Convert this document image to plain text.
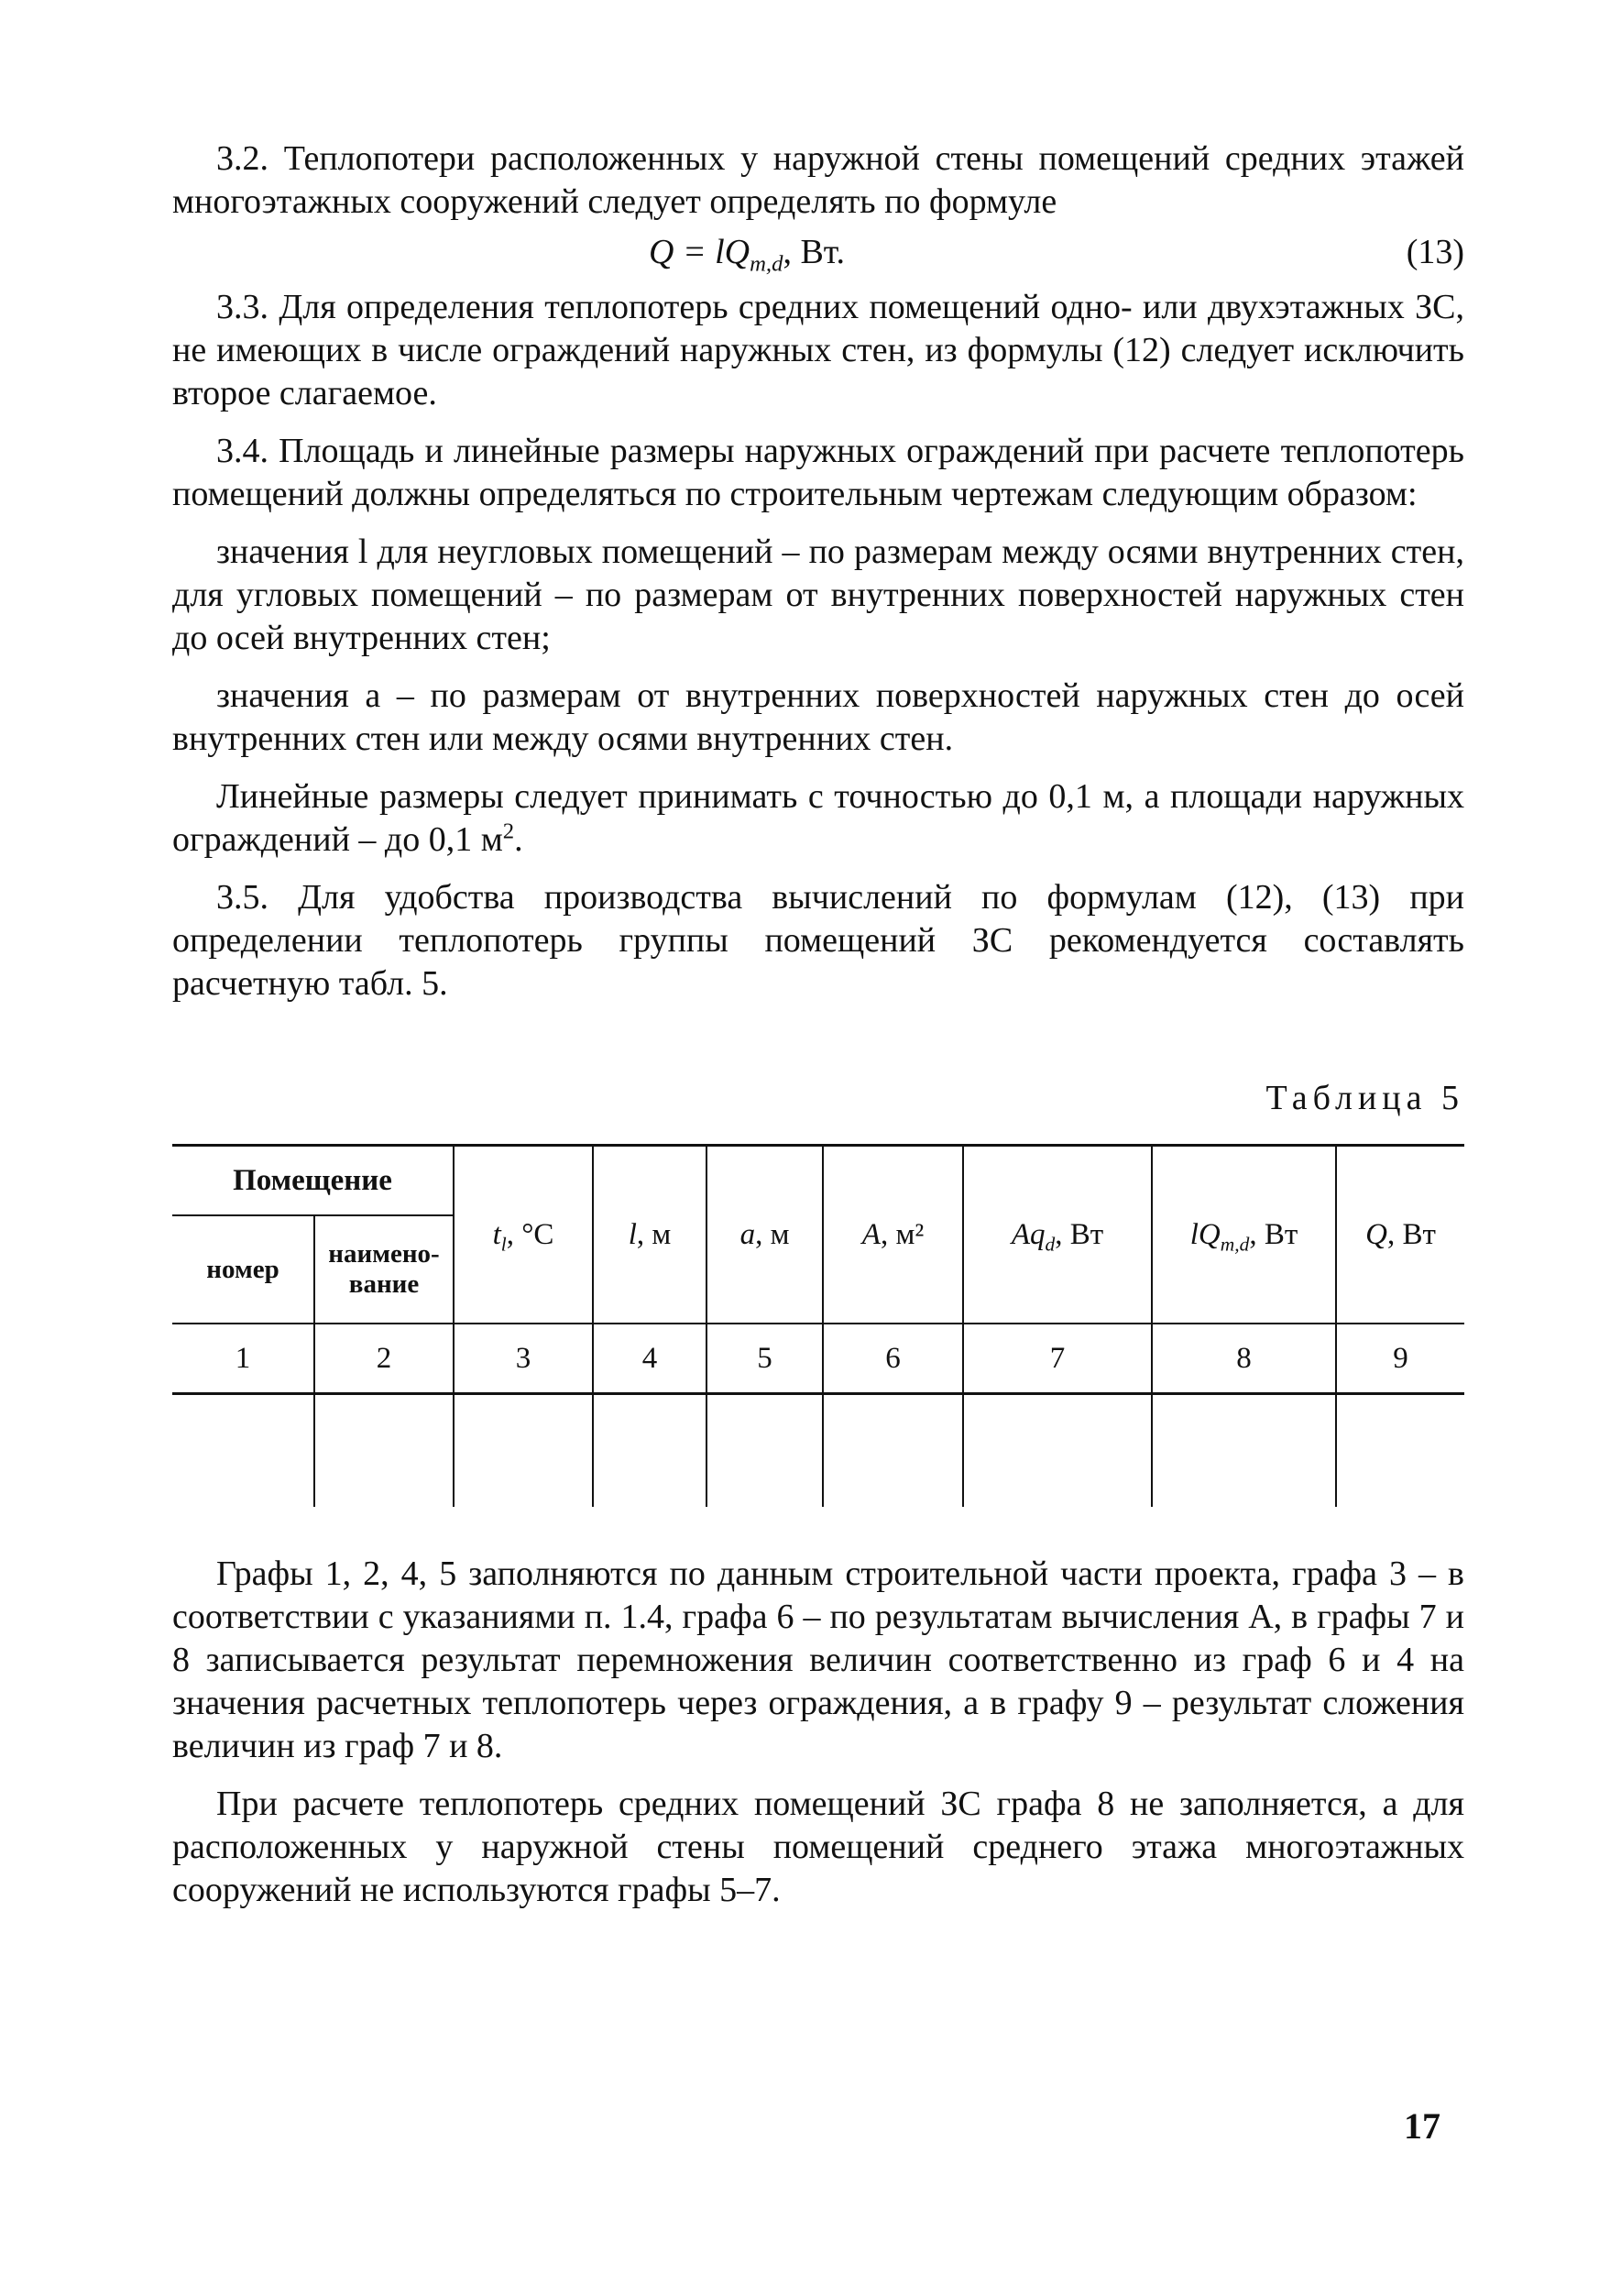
3.2. Теплопотери расположенных у наружной стены помещений средних этажей многоэтажных сооружений следует определять по формуле

$Q = lQ_{m,d}$, Вт.	(13)

3.3. Для определения теплопотерь средних помещений одно- или двухэтажных ЗС, не имеющих в числе ограждений наружных стен, из формулы (12) следует исключить второе слагаемое.

3.4. Площадь и линейные размеры наружных ограждений при расчете теплопотерь помещений должны определяться по строительным чертежам следующим образом:

значения l для неугловых помещений – по размерам между осями внутренних стен, для угловых помещений – по размерам от внутренних поверхностей наружных стен до осей внутренних стен;

значения a – по размерам от внутренних поверхностей наружных стен до осей внутренних стен или между осями внутренних стен.

Линейные размеры следует принимать с точностью до 0,1 м, а площади наружных ограждений – до 0,1 $м^2$.

3.5. Для удобства производства вычислений по формулам (12), (13) при определении теплопотерь группы помещений ЗС рекомендуется составлять расчетную табл. 5.

Таблица 5
Помещение		$t_l$, °C	l, м	a, м	A, м²	$Aq_d$, Вт	$lQ_{m,d}$, Вт	Q, Вт
номер	наимено-вание							
1	2	3	4	5	6	7	8	9

Графы 1, 2, 4, 5 заполняются по данным строительной части проекта, графа 3 – в соответствии с указаниями п. 1.4, графа 6 – по результатам вычисления A, в графы 7 и 8 записывается результат перемножения величин соответственно из граф 6 и 4 на значения расчетных теплопотерь через ограждения, а в графу 9 – результат сложения величин из граф 7 и 8.

При расчете теплопотерь средних помещений ЗС графа 8 не заполняется, а для расположенных у наружной стены помещений среднего этажа многоэтажных сооружений не используются графы 5–7.

17
